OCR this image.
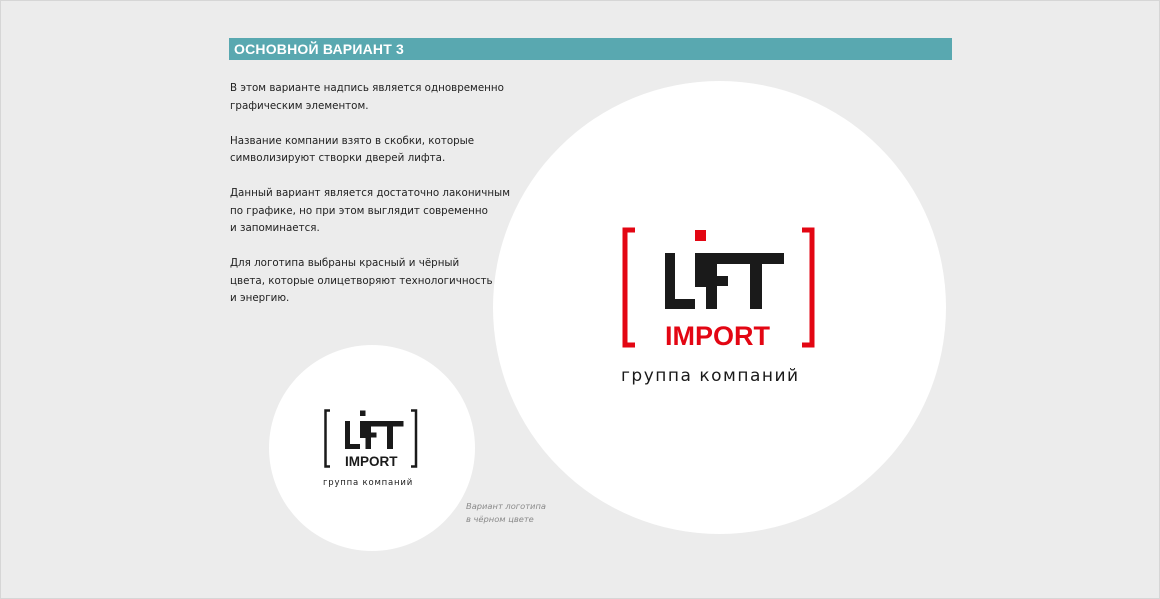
ОСНОВНОЙ ВАРИАНТ 3

В этом варианте надпись является одновременно
графическим элементом.

Название компании взято в скобки, которые
символизируют створки дверей лифта.

Данный вариант является достаточно лаконичным
по графике, но при этом выглядит современно
и запоминается.

Для логотипа выбраны красный и чёрный
цвета, которые олицетворяют технологичность
и энергию.

IMPORT
группа компаний
IMPORT
группа компаний
Вариант логотипа
в чёрном цвете
